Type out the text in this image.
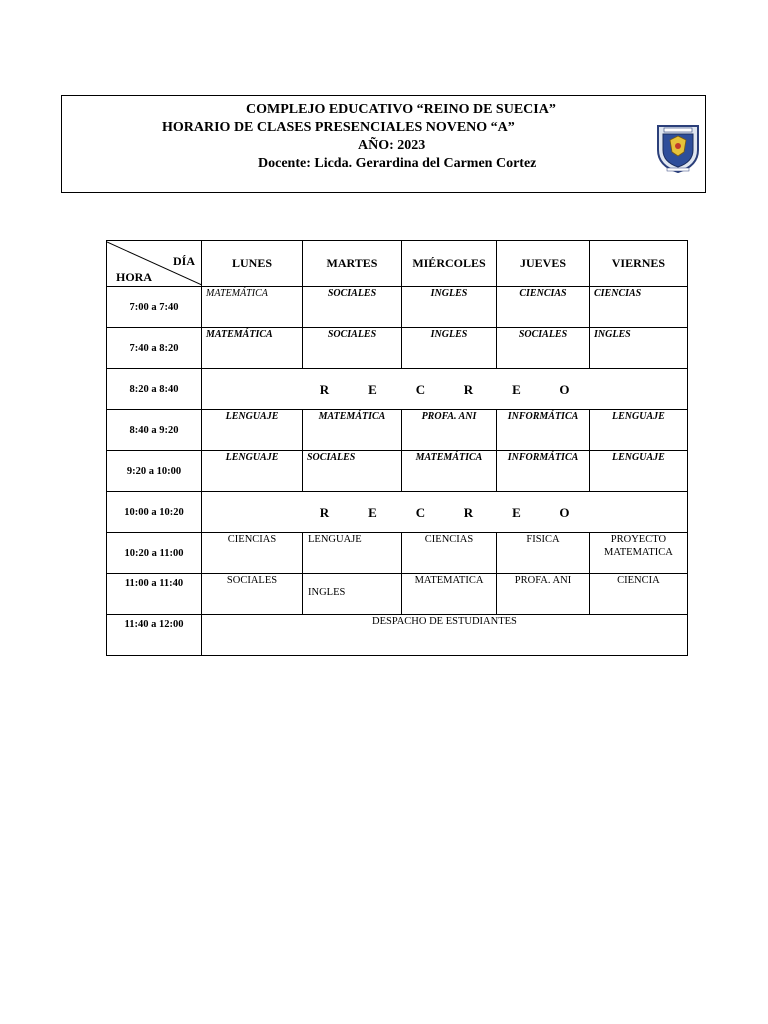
COMPLEJO EDUCATIVO “REINO DE SUECIA”
HORARIO DE CLASES PRESENCIALES NOVENO “A”
AÑO: 2023
Docente: Licda. Gerardina del Carmen Cortez
DÍA
HORA	LUNES	MARTES	MIÉRCOLES	JUEVES	VIERNES
7:00 a 7:40	MATEMÁTICA	SOCIALES	INGLES	CIENCIAS	CIENCIAS
7:40 a 8:20	MATEMÁTICA	SOCIALES	INGLES	SOCIALES	INGLES
8:20 a 8:40	R E C R E O				
8:40 a 9:20	LENGUAJE	MATEMÁTICA	PROFA. ANI	INFORMÁTICA	LENGUAJE
9:20 a 10:00	LENGUAJE	SOCIALES	MATEMÁTICA	INFORMÁTICA	LENGUAJE
10:00 a 10:20	R E C R E O				
10:20 a 11:00	CIENCIAS	LENGUAJE	CIENCIAS	FISICA	PROYECTO MATEMATICA
11:00 a 11:40	SOCIALES	INGLES	MATEMATICA	PROFA. ANI	CIENCIA
11:40 a 12:00	DESPACHO DE ESTUDIANTES				
